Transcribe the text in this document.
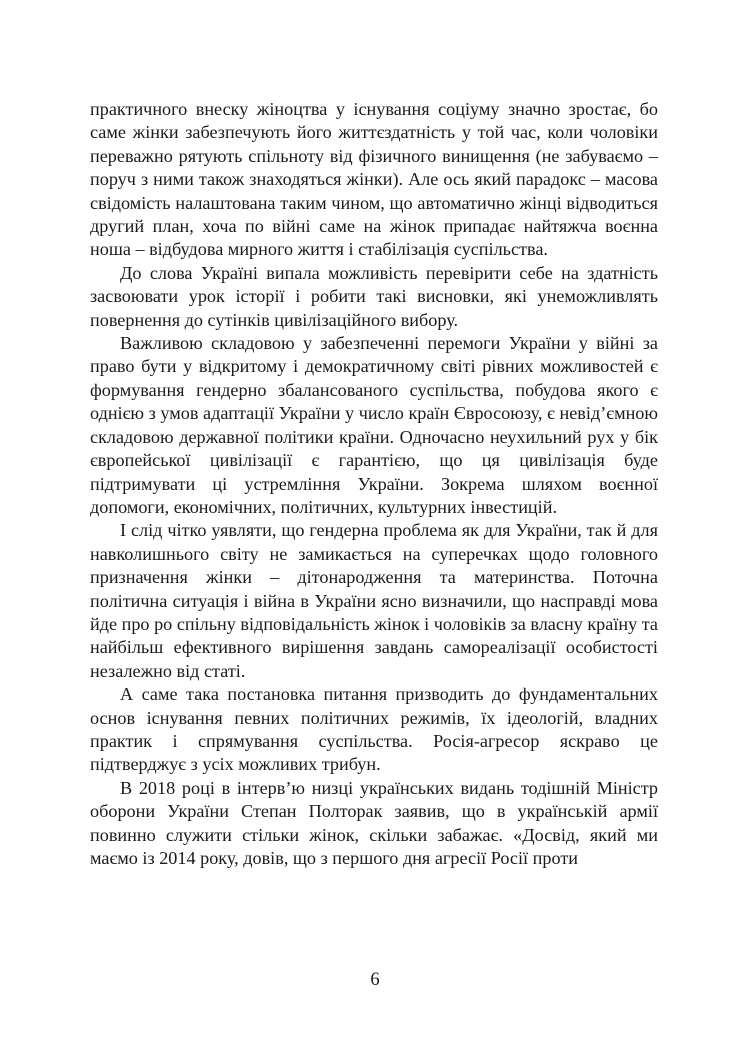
практичного внеску жіноцтва у існування соціуму значно зростає, бо саме жінки забезпечують його життєздатність у той час, коли чоловіки переважно рятують спільноту від фізичного винищення (не забуваємо – поруч з ними також знаходяться жінки). Але ось який парадокс – масова свідомість налаштована таким чином, що автоматично жінці відводиться другий план, хоча по війні саме на жінок припадає найтяжча воєнна ноша – відбудова мирного життя і стабілізація суспільства.

До слова Україні випала можливість перевірити себе на здатність засвоювати урок історії і робити такі висновки, які унеможливлять повернення до сутінків цивілізаційного вибору.

Важливою складовою у забезпеченні перемоги України у війні за право бути у відкритому і демократичному світі рівних можливостей є формування гендерно збалансованого суспільства, побудова якого є однією з умов адаптації України у число країн Євросоюзу, є невід’ємною складовою державної політики країни. Одночасно неухильний рух у бік європейської цивілізації є гарантією, що ця цивілізація буде підтримувати ці устремління України. Зокрема шляхом воєнної допомоги, економічних, політичних, культурних інвестицій.

І слід чітко уявляти, що гендерна проблема як для України, так й для навколишнього світу не замикається на суперечках щодо головного призначення жінки – дітонародження та материнства. Поточна політична ситуація і війна в України ясно визначили, що насправді мова йде про ро спільну відповідальність жінок і чоловіків за власну країну та найбільш ефективного вирішення завдань самореалізації особистості незалежно від статі.

А саме така постановка питання призводить до фундаментальних основ існування певних політичних режимів, їх ідеологій, владних практик і спрямування суспільства. Росія-агресор яскраво це підтверджує з усіх можливих трибун.

В 2018 році в інтерв’ю низці українських видань тодішній Міністр оборони України Степан Полторак заявив, що в українській армії повинно служити стільки жінок, скільки забажає. «Досвід, який ми маємо із 2014 року, довів, що з першого дня агресії Росії проти

6
